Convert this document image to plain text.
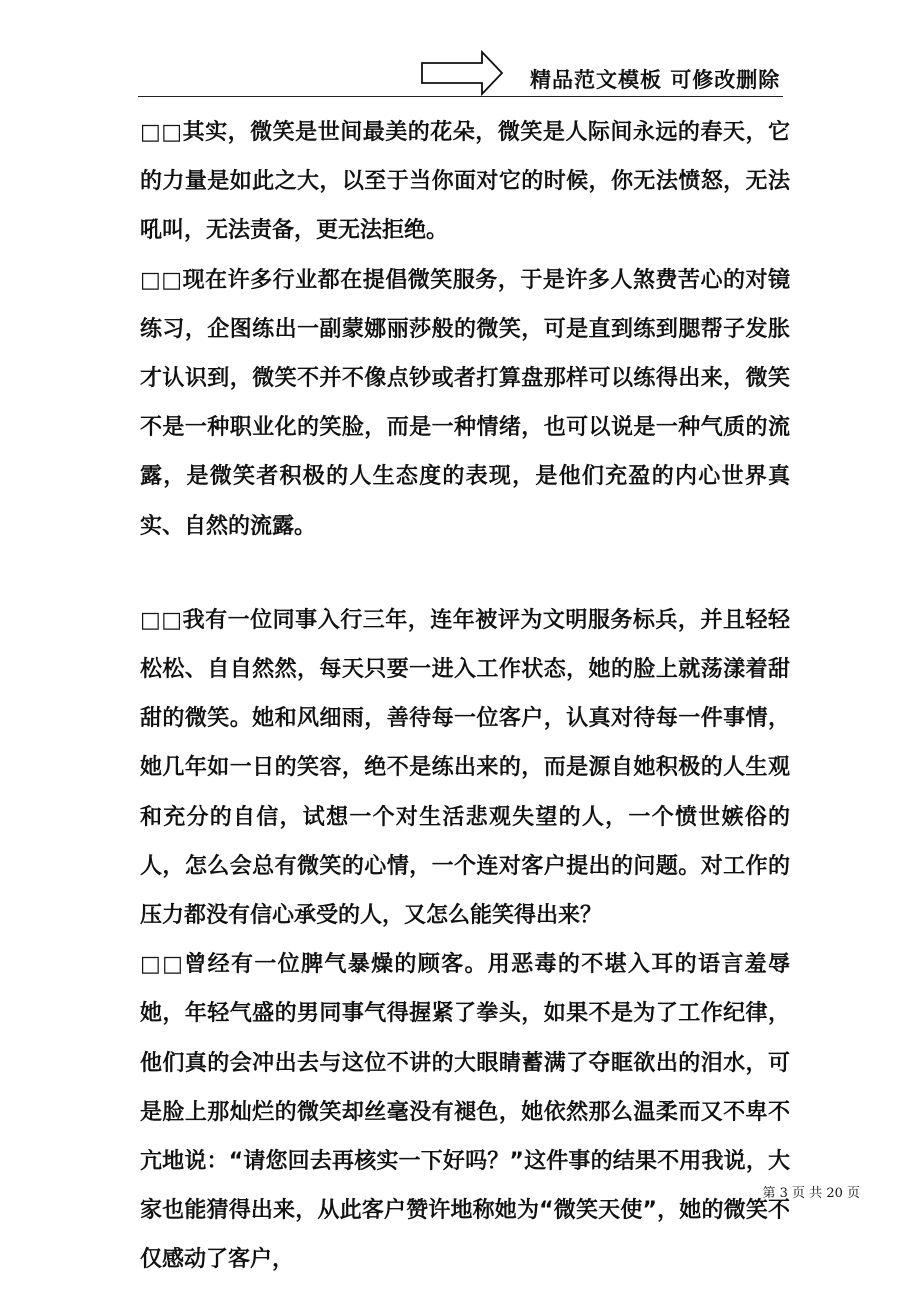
精品范文模板 可修改删除

□□其实，微笑是世间最美的花朵，微笑是人际间永远的春天，它的力量是如此之大，以至于当你面对它的时候，你无法愤怒，无法吼叫，无法责备，更无法拒绝。

□□现在许多行业都在提倡微笑服务，于是许多人煞费苦心的对镜练习，企图练出一副蒙娜丽莎般的微笑，可是直到练到腮帮子发胀才认识到，微笑不并不像点钞或者打算盘那样可以练得出来，微笑不是一种职业化的笑脸，而是一种情绪，也可以说是一种气质的流露，是微笑者积极的人生态度的表现，是他们充盈的内心世界真实、自然的流露。

□□我有一位同事入行三年，连年被评为文明服务标兵，并且轻轻松松、自自然然，每天只要一进入工作状态，她的脸上就荡漾着甜甜的微笑。她和风细雨，善待每一位客户，认真对待每一件事情，她几年如一日的笑容，绝不是练出来的，而是源自她积极的人生观和充分的自信，试想一个对生活悲观失望的人，一个愤世嫉俗的人，怎么会总有微笑的心情，一个连对客户提出的问题。对工作的压力都没有信心承受的人，又怎么能笑得出来？

□□曾经有一位脾气暴燥的顾客。用恶毒的不堪入耳的语言羞辱她，年轻气盛的男同事气得握紧了拳头，如果不是为了工作纪律，他们真的会冲出去与这位不讲的大眼睛蓄满了夺眶欲出的泪水，可是脸上那灿烂的微笑却丝毫没有褪色，她依然那么温柔而又不卑不亢地说：“请您回去再核实一下好吗？”这件事的结果不用我说，大家也能猜得出来，从此客户赞许地称她为“微笑天使”，她的微笑不仅感动了客户，

第 3 页 共 20 页
